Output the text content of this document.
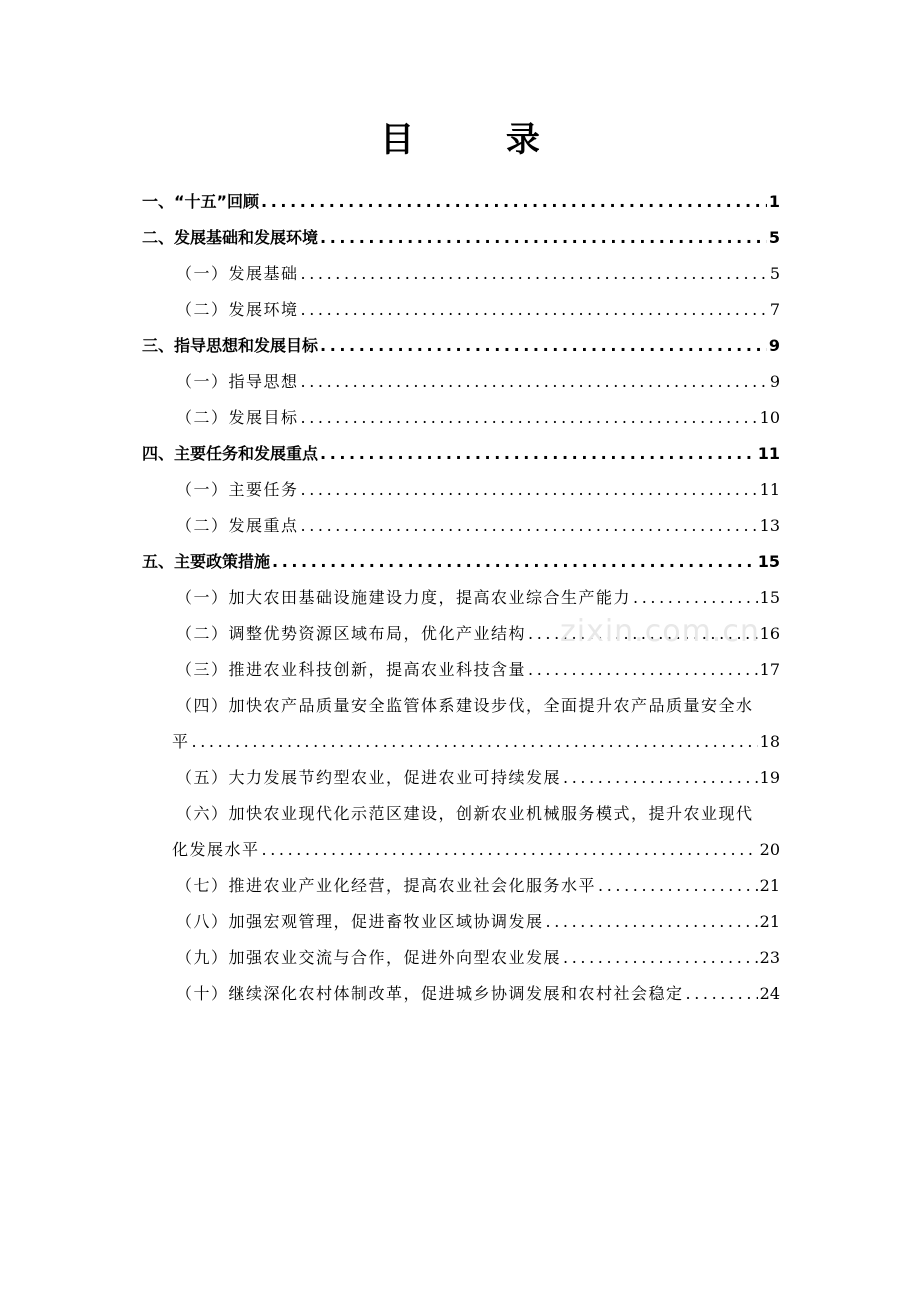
目 录
一、“十五”回顾 .....	1
二、发展基础和发展环境 .....	5
（一）发展基础 .....	5
（二）发展环境 .....	7
三、指导思想和发展目标 .....	9
（一）指导思想 .....	9
（二）发展目标 .....	10
四、主要任务和发展重点 .....	11
（一）主要任务 .....	11
（二）发展重点 .....	13
五、主要政策措施 .....	15
（一）加大农田基础设施建设力度，提高农业综合生产能力 .....	15
（二）调整优势资源区域布局，优化产业结构 .....	16
（三）推进农业科技创新，提高农业科技含量 .....	17
（四）加快农产品质量安全监管体系建设步伐，全面提升农产品质量安全水
平 .....	18
（五）大力发展节约型农业，促进农业可持续发展 .....	19
（六）加快农业现代化示范区建设，创新农业机械服务模式，提升农业现代
化发展水平 .....	20
（七）推进农业产业化经营，提高农业社会化服务水平 .....	21
（八）加强宏观管理，促进畜牧业区域协调发展 .....	21
（九）加强农业交流与合作，促进外向型农业发展 .....	23
（十）继续深化农村体制改革，促进城乡协调发展和农村社会稳定 .....	24
zixin.com.cn
